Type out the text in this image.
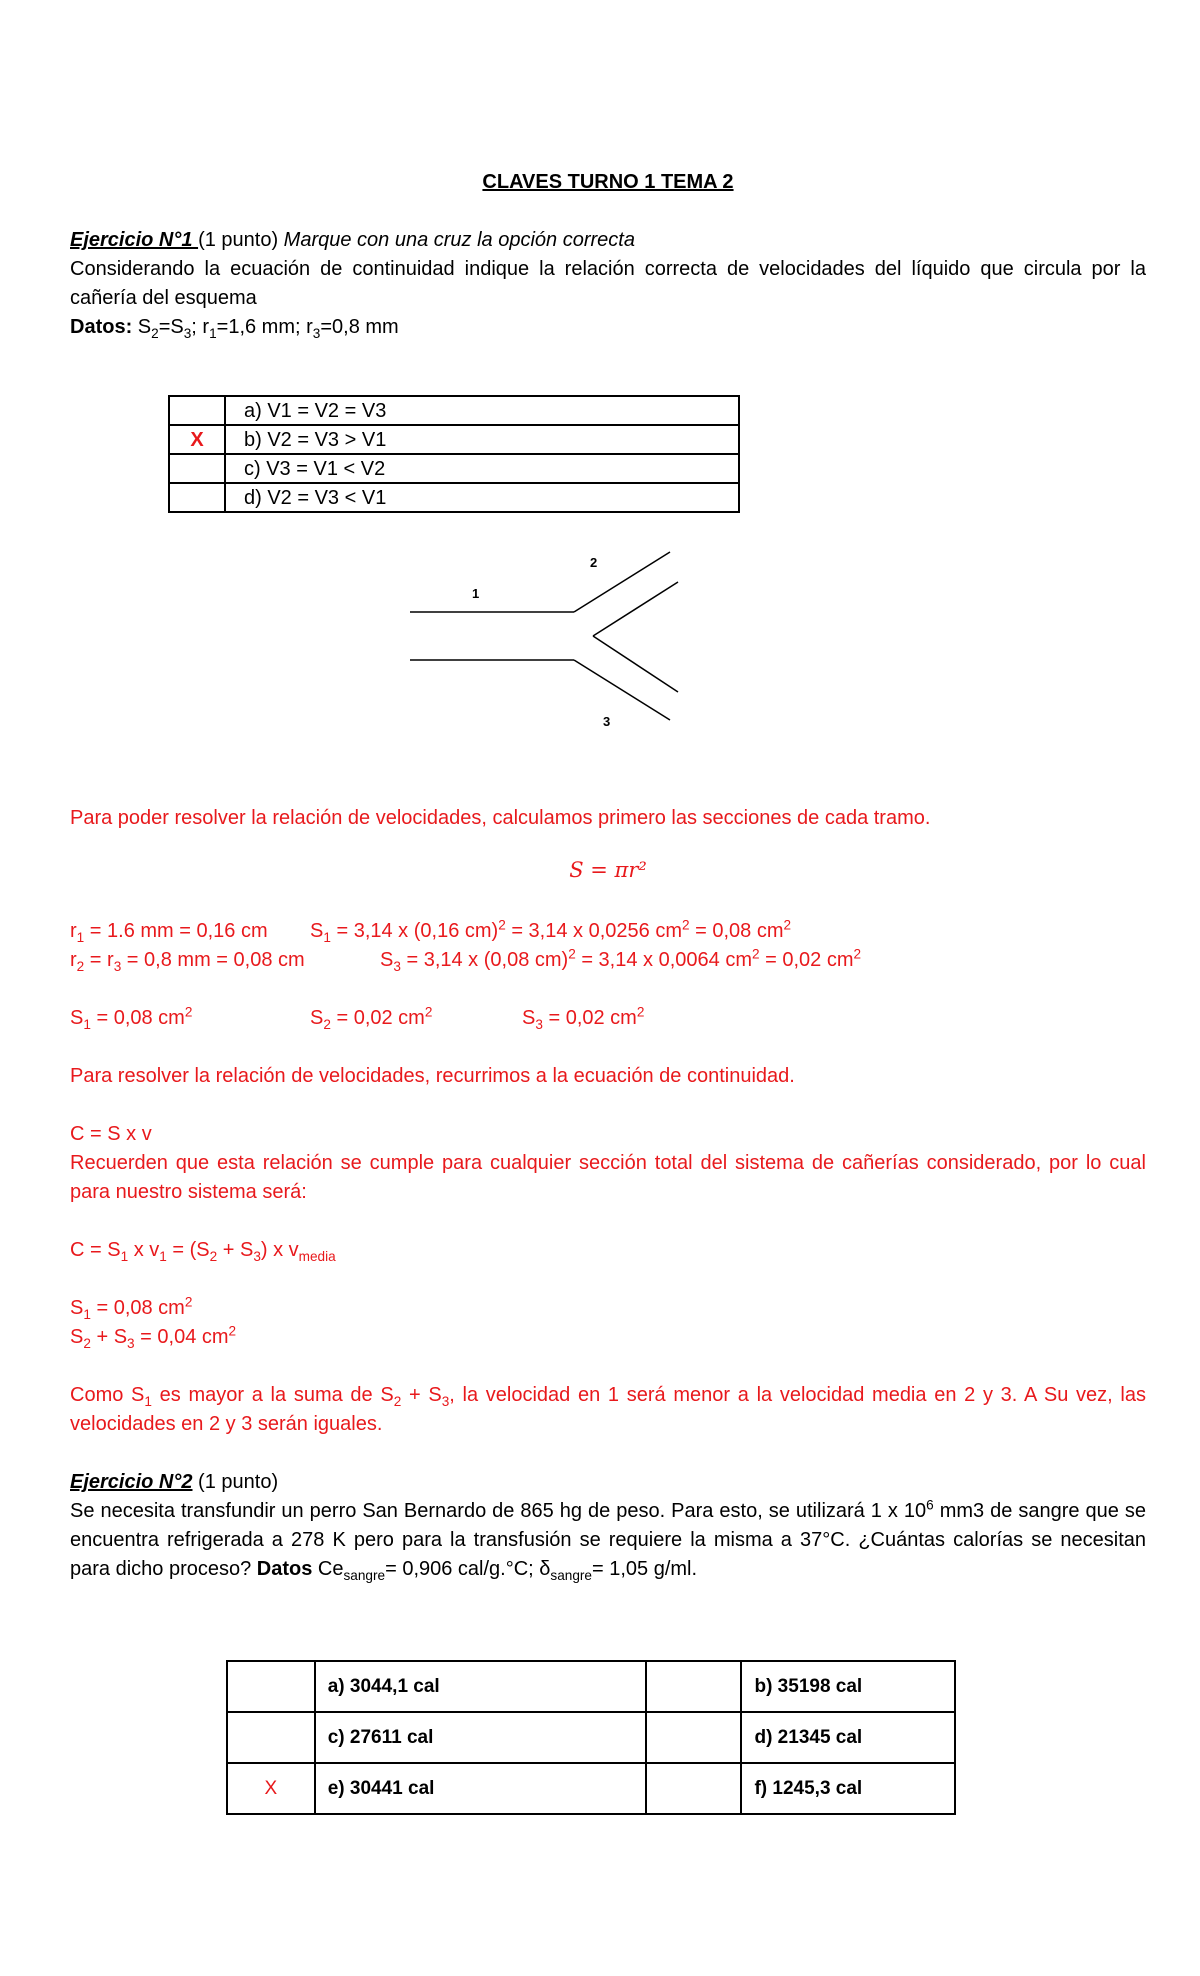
CLAVES TURNO 1 TEMA 2
Ejercicio N°1 (1 punto) Marque con una cruz la opción correcta
Considerando la ecuación de continuidad indique la relación correcta de velocidades del líquido que circula por la cañería del esquema
Datos: $S_2=S_3$; $r_1=1,6$ mm; $r_3=0,8$ mm
	a) V1 = V2 = V3
X	b) V2 = V3 > V1
	c) V3 = V1 < V2
	d) V2 = V3 < V1
1
2
3
Para poder resolver la relación de velocidades, calculamos primero las secciones de cada tramo.
S = πr²
$r_1 = 1.6$ mm = 0,16 cm $S_1 = 3,14$ x (0,16 cm)$^2$ = 3,14 x 0,0256 $cm^2 = 0,08$ $cm^2$
$r_2 = r_3 = 0,8$ mm = 0,08 cm	$S_3 = 3,14$ x (0,08 cm)$^2$ = 3,14 x 0,0064 $cm^2 = 0,02$ $cm^2$
$S_1 = 0,08$ $cm^2$	$S_2 = 0,02$ $cm^2$	$S_3 = 0,02$ $cm^2$
Para resolver la relación de velocidades, recurrimos a la ecuación de continuidad.
C = S x v
Recuerden que esta relación se cumple para cualquier sección total del sistema de cañerías considerado, por lo cual para nuestro sistema será:
$C = S_1$ x $v_1 = (S_2 + S_3)$ x $v_{media}$
$S_1 = 0,08$ $cm^2$
$S_2 + S_3 = 0,04$ $cm^2$
Como $S_1$ es mayor a la suma de $S_2 + S_3$, la velocidad en 1 será menor a la velocidad media en 2 y 3. A Su vez, las velocidades en 2 y 3 serán iguales.
Ejercicio N°2 (1 punto)
Se necesita transfundir un perro San Bernardo de 865 hg de peso. Para esto, se utilizará 1 x $10^6$ mm3 de sangre que se encuentra refrigerada a 278 K pero para la transfusión se requiere la misma a 37°C. ¿Cuántas calorías se necesitan para dicho proceso? Datos $Ce_{sangre}= 0,906$ cal/g.°C; $\delta_{sangre}= 1,05$ g/ml.
	a) 3044,1 cal		b) 35198 cal
	c) 27611 cal		d) 21345 cal
X	e) 30441 cal		f) 1245,3 cal
